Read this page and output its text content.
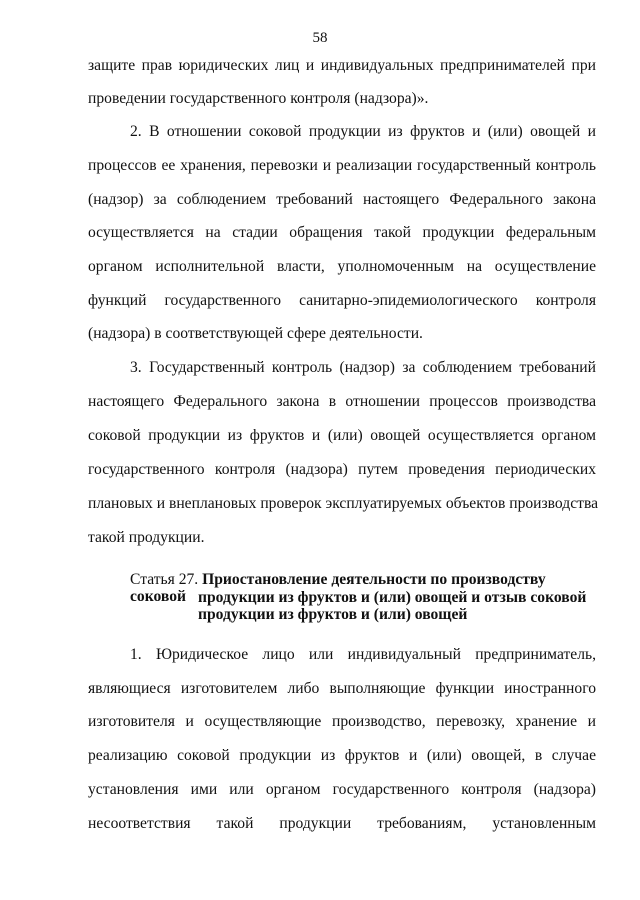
58
защите прав юридических лиц и индивидуальных предпринимателей при
проведении государственного контроля (надзора)».
2. В отношении соковой продукции из фруктов и (или) овощей и
процессов ее хранения, перевозки и реализации государственный контроль
(надзор) за соблюдением требований настоящего Федерального закона
осуществляется на стадии обращения такой продукции федеральным
органом исполнительной власти, уполномоченным на осуществление
функций государственного санитарно-эпидемиологического контроля
(надзора) в соответствующей сфере деятельности.
3. Государственный контроль (надзор) за соблюдением требований
настоящего Федерального закона в отношении процессов производства
соковой продукции из фруктов и (или) овощей осуществляется органом
государственного контроля (надзора) путем проведения периодических
плановых и внеплановых проверок эксплуатируемых объектов производства
такой продукции.
Статья 27. Приостановление деятельности по производству соковой продукции из фруктов и (или) овощей и отзыв соковой
продукции из фруктов и (или) овощей
1. Юридическое лицо или индивидуальный предприниматель,
являющиеся изготовителем либо выполняющие функции иностранного
изготовителя и осуществляющие производство, перевозку, хранение и
реализацию соковой продукции из фруктов и (или) овощей, в случае
установления ими или органом государственного контроля (надзора)
несоответствия такой продукции требованиям, установленным
